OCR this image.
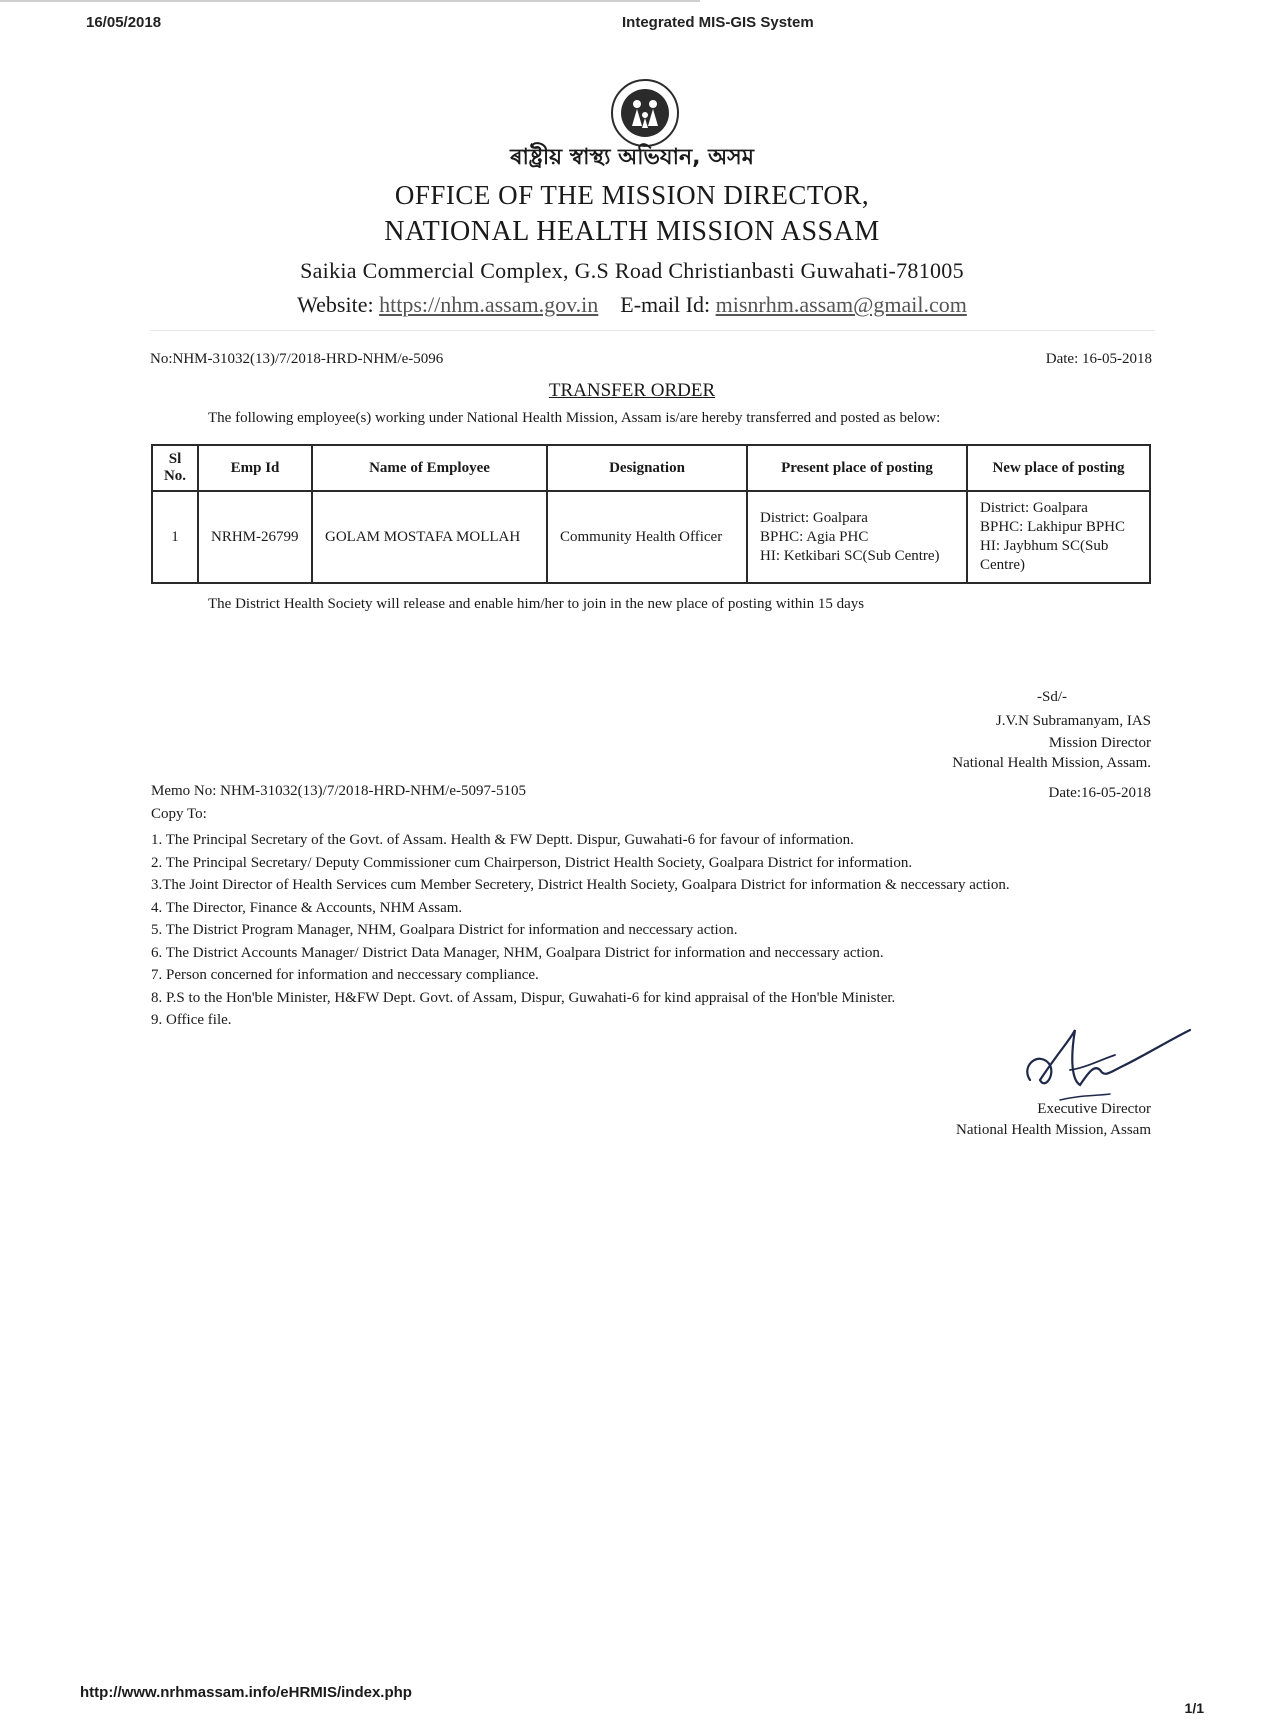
16/05/2018	Integrated MIS-GIS System
ৰাষ্ট্ৰীয় স্বাস্থ্য অভিযান, অসম
OFFICE OF THE MISSION DIRECTOR,
NATIONAL HEALTH MISSION ASSAM
Saikia Commercial Complex, G.S Road Christianbasti Guwahati-781005
Website: https://nhm.assam.gov.in E-mail Id: misnrhm.assam@gmail.com
No:NHM-31032(13)/7/2018-HRD-NHM/e-5096	Date: 16-05-2018
TRANSFER ORDER
The following employee(s) working under National Health Mission, Assam is/are hereby transferred and posted as below:
Sl No.	Emp Id	Name of Employee	Designation	Present place of posting	New place of posting
1	NRHM-26799	GOLAM MOSTAFA MOLLAH	Community Health Officer	District: Goalpara
BPHC: Agia PHC
HI: Ketkibari SC(Sub Centre)	District: Goalpara
BPHC: Lakhipur BPHC
HI: Jaybhum SC(Sub Centre)
The District Health Society will release and enable him/her to join in the new place of posting within 15 days
-Sd/-
J.V.N Subramanyam, IAS
Mission Director
National Health Mission, Assam.
Memo No: NHM-31032(13)/7/2018-HRD-NHM/e-5097-5105	Date:16-05-2018
Copy To:
1. The Principal Secretary of the Govt. of Assam. Health & FW Deptt. Dispur, Guwahati-6 for favour of information.
2. The Principal Secretary/ Deputy Commissioner cum Chairperson, District Health Society, Goalpara District for information.
3.The Joint Director of Health Services cum Member Secretery, District Health Society, Goalpara District for information & neccessary action.
4. The Director, Finance & Accounts, NHM Assam.
5. The District Program Manager, NHM, Goalpara District for information and neccessary action.
6. The District Accounts Manager/ District Data Manager, NHM, Goalpara District for information and neccessary action.
7. Person concerned for information and neccessary compliance.
8. P.S to the Hon'ble Minister, H&FW Dept. Govt. of Assam, Dispur, Guwahati-6 for kind appraisal of the Hon'ble Minister.
9. Office file.
Executive Director
National Health Mission, Assam
http://www.nrhmassam.info/eHRMIS/index.php
1/1
